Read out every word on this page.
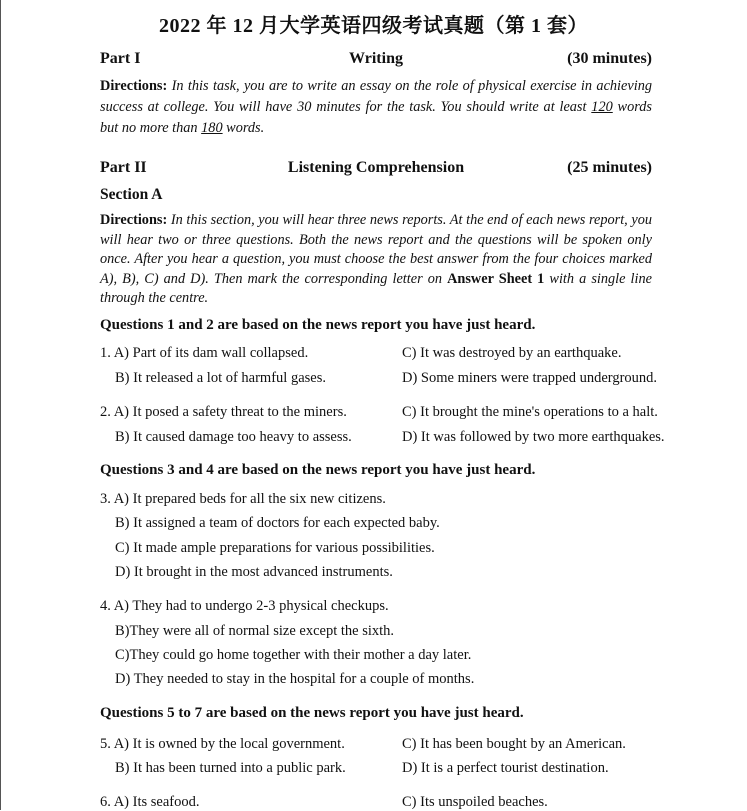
2022 年 12 月大学英语四级考试真题（第 1 套）
Part I	Writing	(30 minutes)
Directions: In this task, you are to write an essay on the role of physical exercise in achieving success at college. You will have 30 minutes for the task. You should write at least 120 words but no more than 180 words.
Part II	Listening Comprehension	(25 minutes)
Section A
Directions: In this section, you will hear three news reports. At the end of each news report, you will hear two or three questions. Both the news report and the questions will be spoken only once. After you hear a question, you must choose the best answer from the four choices marked A), B), C) and D). Then mark the corresponding letter on Answer Sheet 1 with a single line through the centre.
Questions 1 and 2 are based on the news report you have just heard.
1. A) Part of its dam wall collapsed.	C) It was destroyed by an earthquake.
B) It released a lot of harmful gases.	D) Some miners were trapped underground.
2. A) It posed a safety threat to the miners.	C) It brought the mine's operations to a halt.
B) It caused damage too heavy to assess.	D) It was followed by two more earthquakes.
Questions 3 and 4 are based on the news report you have just heard.
3. A) It prepared beds for all the six new citizens.
B) It assigned a team of doctors for each expected baby.
C) It made ample preparations for various possibilities.
D) It brought in the most advanced instruments.
4. A) They had to undergo 2-3 physical checkups.
B)They were all of normal size except the sixth.
C)They could go home together with their mother a day later.
D) They needed to stay in the hospital for a couple of months.
Questions 5 to 7 are based on the news report you have just heard.
5. A) It is owned by the local government.	C) It has been bought by an American.
B) It has been turned into a public park.	D) It is a perfect tourist destination.
6. A) Its seafood.	C) Its unspoiled beaches.
